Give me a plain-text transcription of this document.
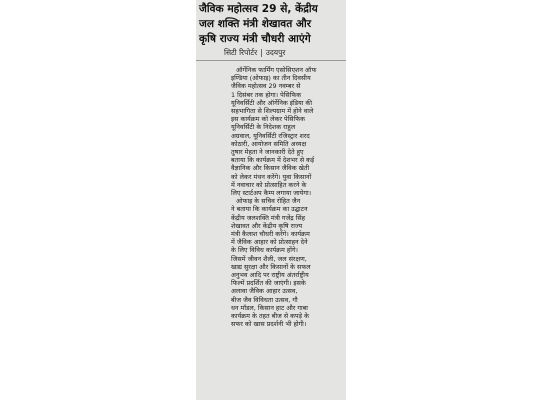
जैविक महोत्सव 29 से, केंद्रीय
जल शक्ति मंत्री शेखावत और
कृषि राज्य मंत्री चौधरी आएंगे
सिटी रिपोर्टर | उदयपुर
ऑर्गेनिक फार्मिंग एसोसिएशन ऑफ
इण्डिया (ओफाइ) का तीन दिवसीय
जैविक महोत्सव 29 नवम्बर से
1 दिसंबर तक होगा। पेसिफिक
यूनिवर्सिटी और ऑर्गेनिक इंडिया की
सहभागिता से शिल्पग्राम में होने वाले
इस कार्यक्रम को लेकर पेसिफिक
यूनिवर्सिटी के निदेशक राहुल
अग्रवाल, यूनिवर्सिटी रजिस्ट्रार शरद
कोठारी, आयोजन समिति अध्यक्ष
तुषार मेहता ने जानकारी देते हुए
बताया कि कार्यक्रम में देशभर से कई
वैज्ञानिक और किसान जैविक खेती
को लेकर मंथन करेंगे। युवा किसानों
में नवाचार को प्रोत्साहित करने के
लिए स्टार्टअप कैम्प लगाया जायेगा।
ओफाइ के सचिव रोहित जैन
ने बताया कि कार्यक्रम का उद्घाटन
केंद्रीय जलशक्ति मंत्री गजेंद्र सिंह
शेखावत और केंद्रीय कृषि राज्य
मंत्री कैलाश चौधरी करेंगे। कार्यक्रम
में जैविक आहार को प्रोत्साहन देने
के लिए विविध कार्यक्रम होंगे।
जिसमें जीवन शैली, जल संरक्षण,
खाद्य सुरक्षा और किसानों के सफल
अनुभव आदि पर राष्ट्रीय अंतर्राष्ट्रीय
फिल्में प्रदर्शित की जाएंगी। इसके
अलावा जैविक आहार उत्सव,
बीज जैव विविधता उत्सव, गौ
धन मॉडल, किसान हाट और गाबा
कार्यक्रम के तहत बीज से कपड़े के
सफर को खास प्रदर्शनी भी होगी।
